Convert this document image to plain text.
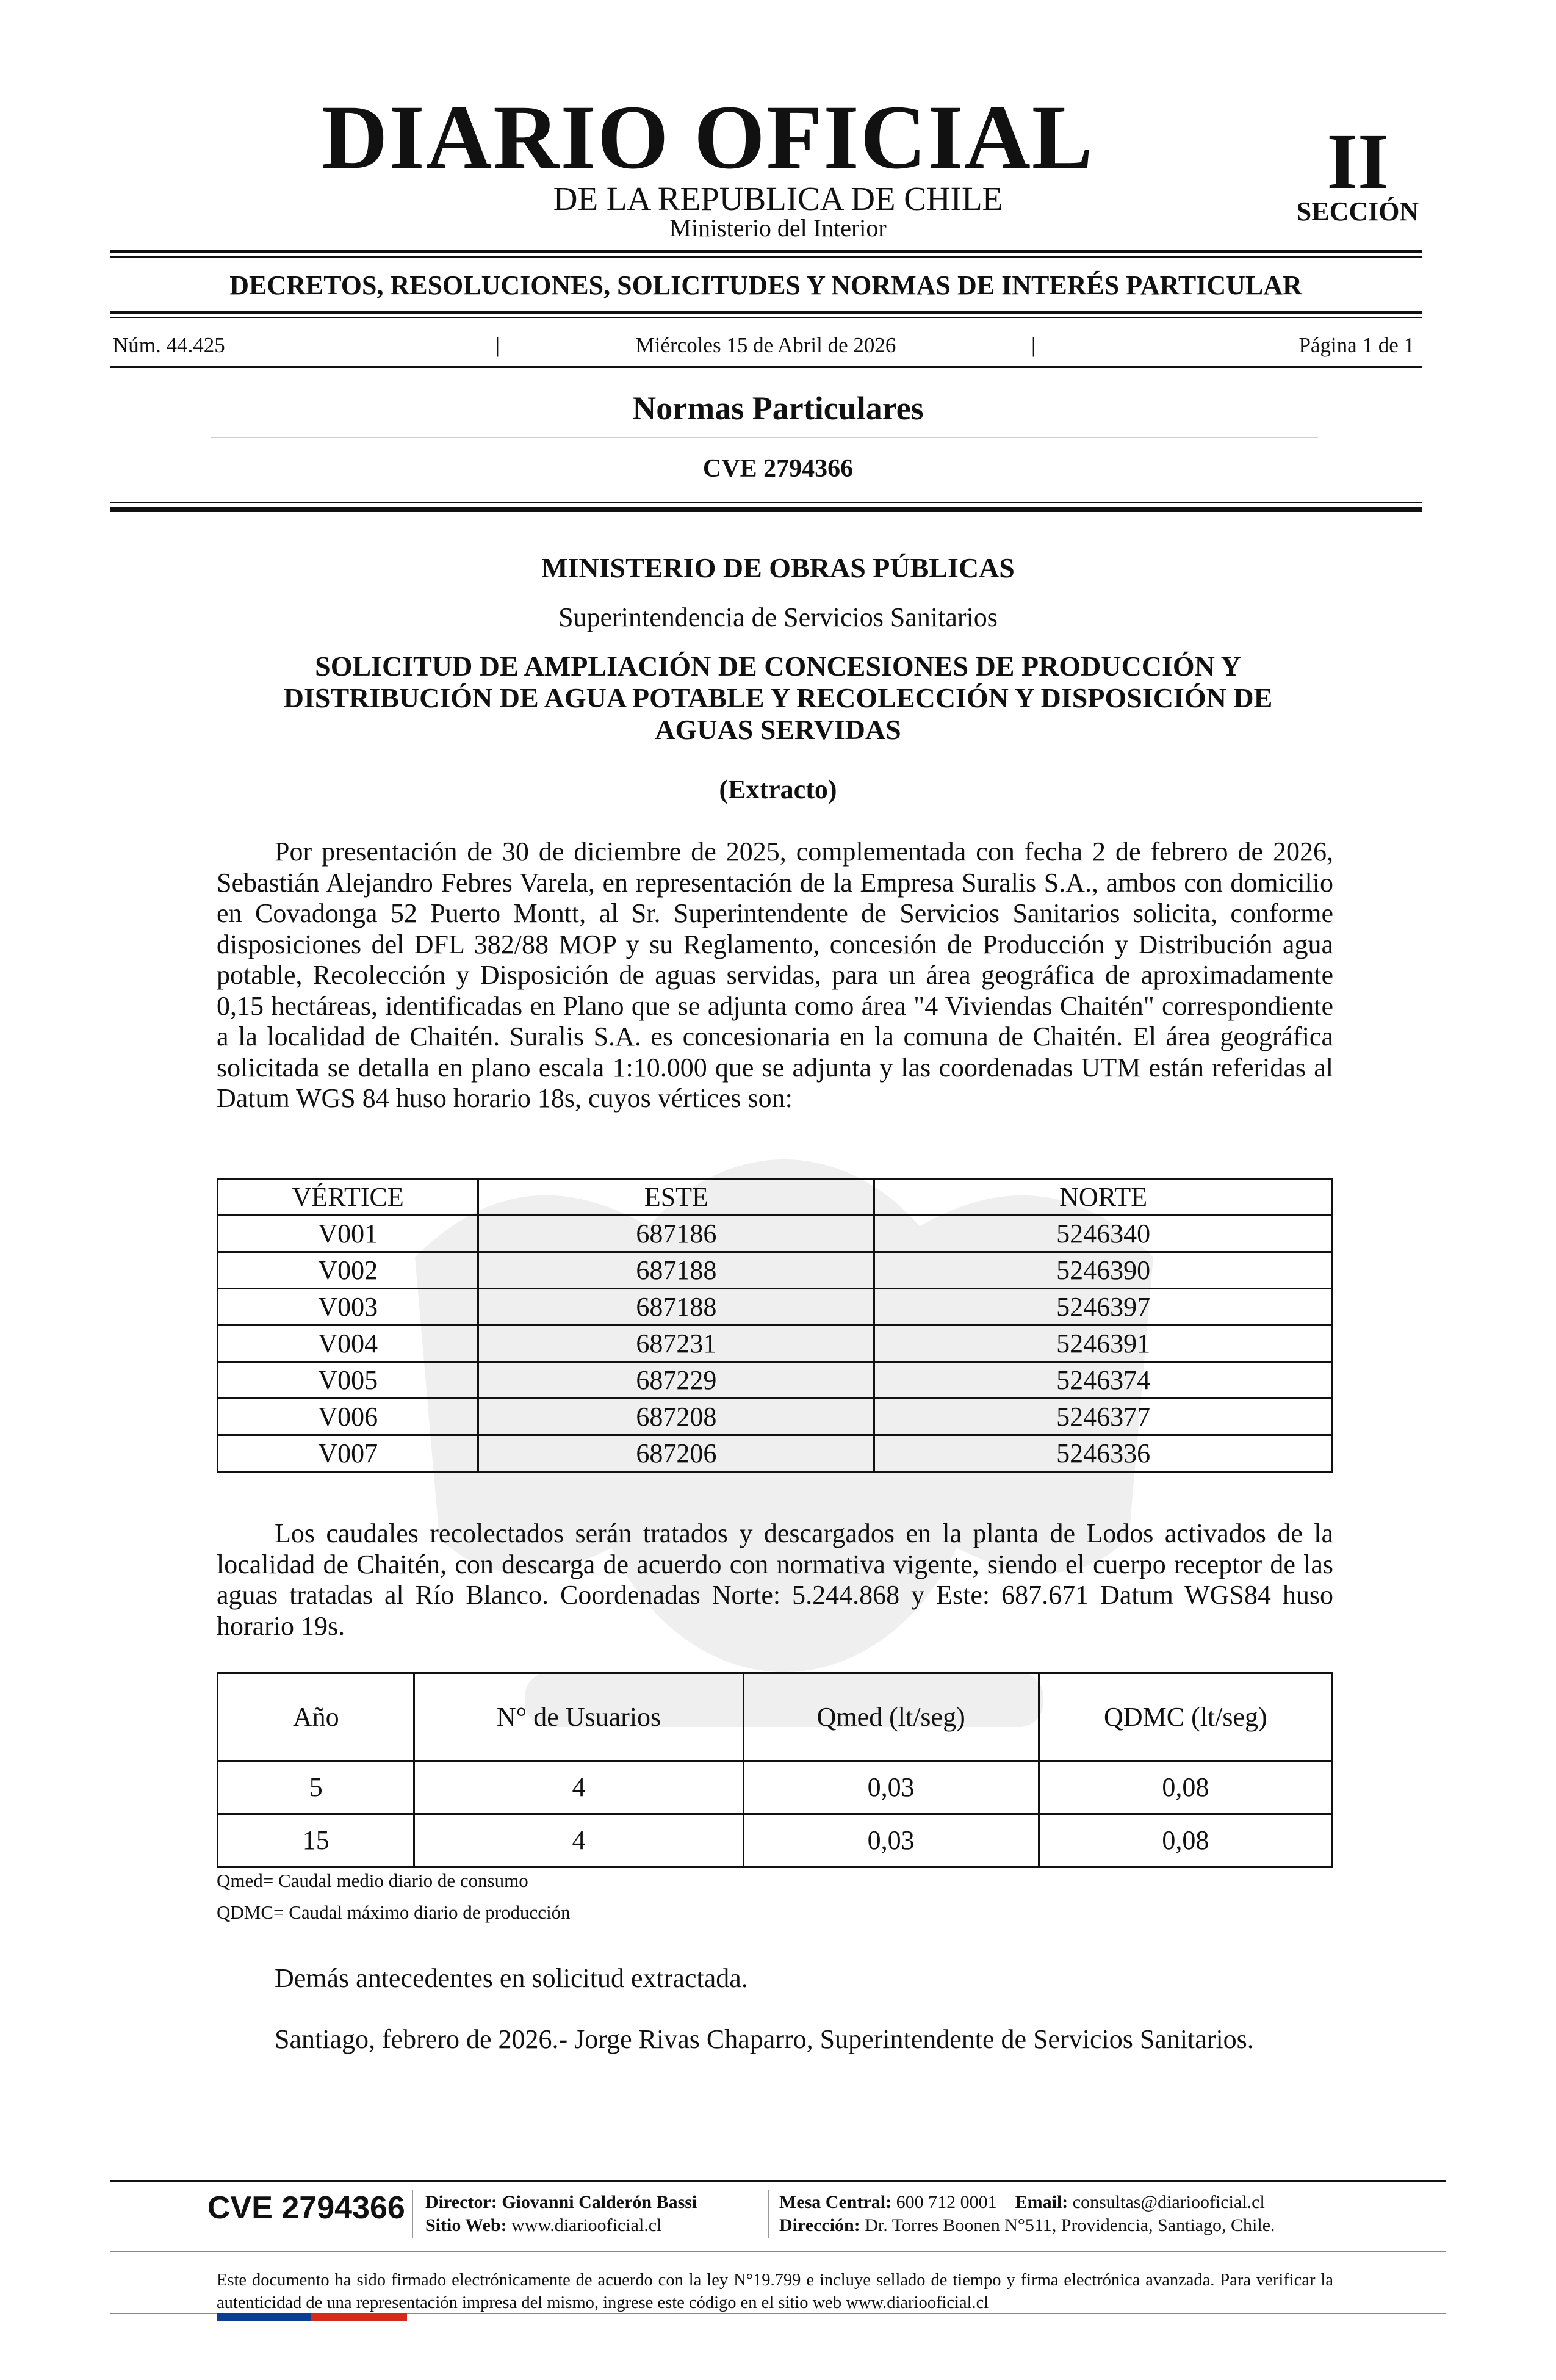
DIARIO OFICIAL
DE LA REPUBLICA DE CHILE
Ministerio del Interior
II
SECCIÓN
DECRETOS, RESOLUCIONES, SOLICITUDES Y NORMAS DE INTERÉS PARTICULAR
Núm. 44.425	|	Miércoles 15 de Abril de 2026	|	Página 1 de 1
Normas Particulares
CVE 2794366
MINISTERIO DE OBRAS PÚBLICAS
Superintendencia de Servicios Sanitarios
SOLICITUD DE AMPLIACIÓN DE CONCESIONES DE PRODUCCIÓN Y
DISTRIBUCIÓN DE AGUA POTABLE Y RECOLECCIÓN Y DISPOSICIÓN DE
AGUAS SERVIDAS
(Extracto)
Por presentación de 30 de diciembre de 2025, complementada con fecha 2 de febrero de 2026, Sebastián Alejandro Febres Varela, en representación de la Empresa Suralis S.A., ambos con domicilio en Covadonga 52 Puerto Montt, al Sr. Superintendente de Servicios Sanitarios solicita, conforme disposiciones del DFL 382/88 MOP y su Reglamento, concesión de Producción y Distribución agua potable, Recolección y Disposición de aguas servidas, para un área geográfica de aproximadamente 0,15 hectáreas, identificadas en Plano que se adjunta como área "4 Viviendas Chaitén" correspondiente a la localidad de Chaitén. Suralis S.A. es concesionaria en la comuna de Chaitén. El área geográfica solicitada se detalla en plano escala 1:10.000 que se adjunta y las coordenadas UTM están referidas al Datum WGS 84 huso horario 18s, cuyos vértices son:
VÉRTICE	ESTE	NORTE
V001	687186	5246340
V002	687188	5246390
V003	687188	5246397
V004	687231	5246391
V005	687229	5246374
V006	687208	5246377
V007	687206	5246336
Los caudales recolectados serán tratados y descargados en la planta de Lodos activados de la localidad de Chaitén, con descarga de acuerdo con normativa vigente, siendo el cuerpo receptor de las aguas tratadas al Río Blanco. Coordenadas Norte: 5.244.868 y Este: 687.671 Datum WGS84 huso horario 19s.
Año	N° de Usuarios	Qmed (lt/seg)	QDMC (lt/seg)
5	4	0,03	0,08
15	4	0,03	0,08
Qmed= Caudal medio diario de consumo
QDMC= Caudal máximo diario de producción
Demás antecedentes en solicitud extractada.
Santiago, febrero de 2026.- Jorge Rivas Chaparro, Superintendente de Servicios Sanitarios.
CVE 2794366 Director: Giovanni Calderón Bassi
Sitio Web: www.diariooficial.cl
Mesa Central: 600 712 0001 Email: consultas@diariooficial.cl
Dirección: Dr. Torres Boonen N°511, Providencia, Santiago, Chile.
Este documento ha sido firmado electrónicamente de acuerdo con la ley N°19.799 e incluye sellado de tiempo y firma electrónica avanzada. Para verificar la autenticidad de una representación impresa del mismo, ingrese este código en el sitio web www.diariooficial.cl
